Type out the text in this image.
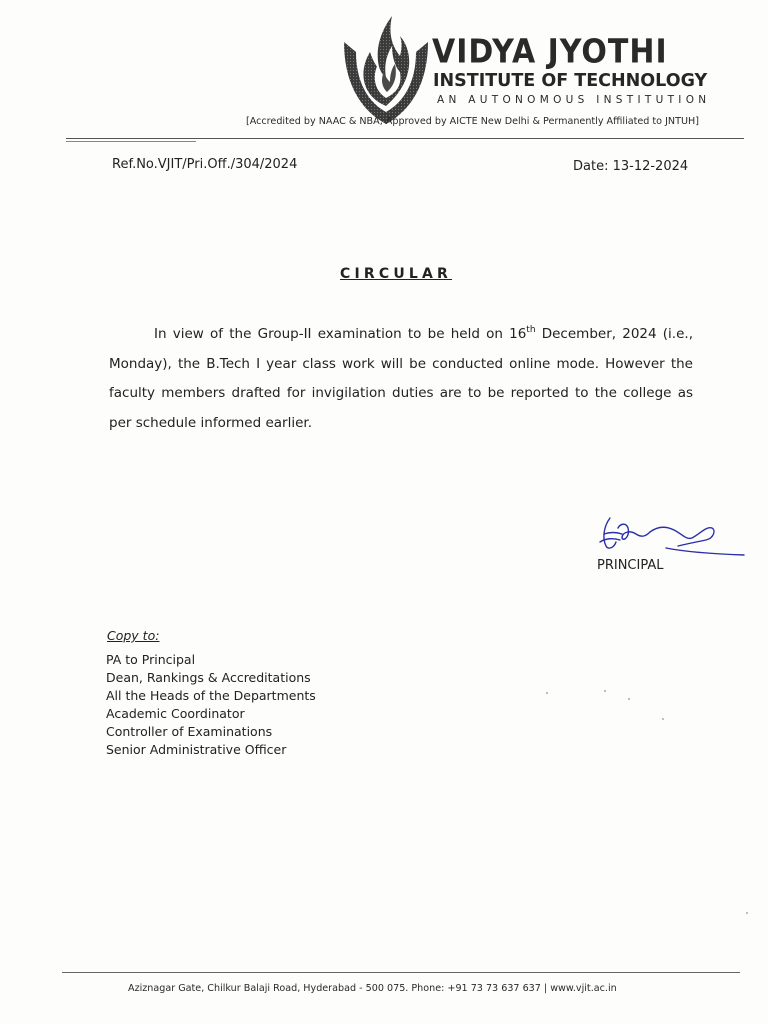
VIDYA JYOTHI
INSTITUTE OF TECHNOLOGY
AN AUTONOMOUS INSTITUTION
[Accredited by NAAC & NBA, Approved by AICTE New Delhi & Permanently Affiliated to JNTUH]
Ref.No.VJIT/Pri.Off./304/2024	Date: 13-12-2024
CIRCULAR
In view of the Group-II examination to be held on 16th December, 2024 (i.e., Monday), the B.Tech I year class work will be conducted online mode. However the faculty members drafted for invigilation duties are to be reported to the college as per schedule informed earlier.
PRINCIPAL
Copy to:
PA to Principal
Dean, Rankings & Accreditations
All the Heads of the Departments
Academic Coordinator
Controller of Examinations
Senior Administrative Officer
Aziznagar Gate, Chilkur Balaji Road, Hyderabad - 500 075. Phone: +91 73 73 637 637 | www.vjit.ac.in
